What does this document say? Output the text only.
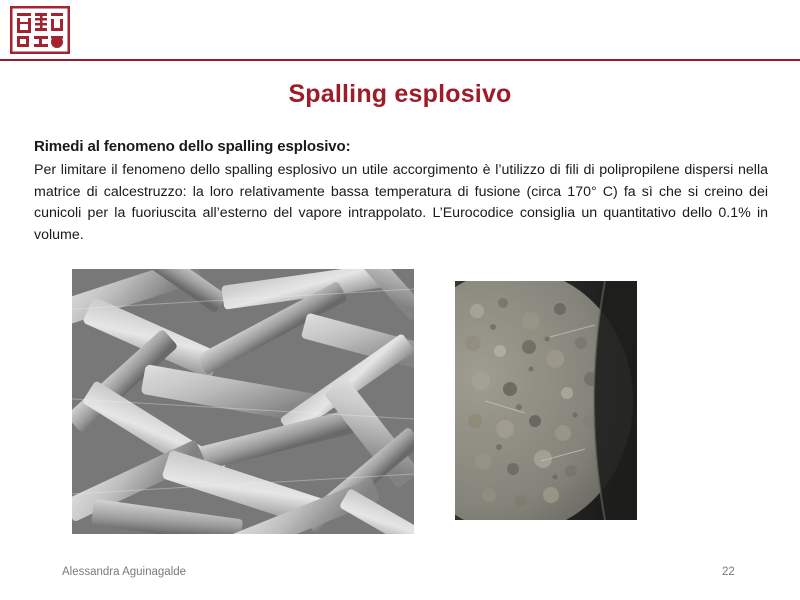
Spalling esplosivo

Rimedi al fenomeno dello spalling esplosivo:

Per limitare il fenomeno dello spalling esplosivo un utile accorgimento è l’utilizzo di fili di polipropilene dispersi nella matrice di calcestruzzo: la loro relativamente bassa temperatura di fusione (circa 170° C) fa sì che si creino dei cunicoli per la fuoriuscita all’esterno del vapore intrappolato. L’Eurocodice consiglia un quantitativo dello 0.1% in volume.

Alessandra Aguinagalde	22
